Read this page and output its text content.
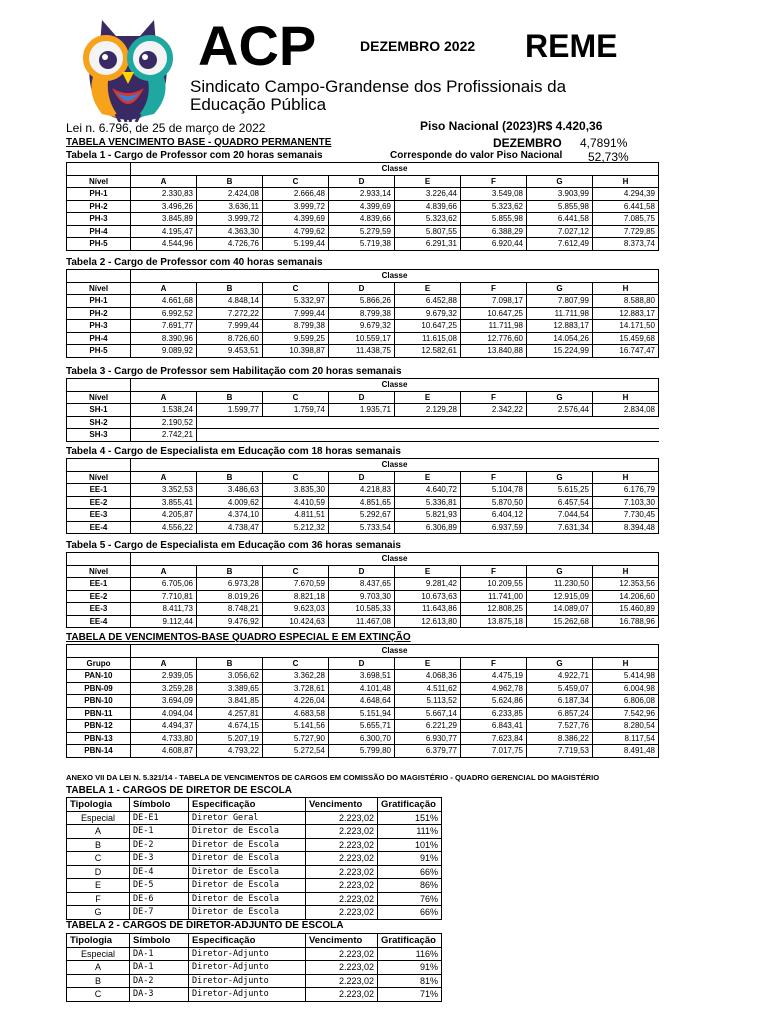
ACP	DEZEMBRO 2022 REME
Sindicato Campo-Grandense dos Profissionais da Educação Pública
Lei n. 6.796, de 25 de março de 2022	Piso Nacional (2023) R$ 4.420,36
DEZEMBRO 4,7891%
Corresponde do valor Piso Nacional 52,73%
TABELA VENCIMENTO BASE - QUADRO PERMANENTE
Tabela 1 - Cargo de Professor com 20 horas semanais
	Classe							
Nível	A	B	C	D	E	F	G	H
PH-1	2.330,83	2.424,08	2.666,48	2.933,14	3.226,44	3.549,08	3.903,99	4.294,39
PH-2	3.496,26	3.636,11	3.999,72	4.399,69	4.839,66	5.323,62	5.855,98	6.441,58
PH-3	3.845,89	3.999,72	4.399,69	4.839,66	5.323,62	5.855,98	6.441,58	7.085,75
PH-4	4.195,47	4.363,30	4.799,62	5.279,59	5.807,55	6.388,29	7.027,12	7.729,85
PH-5	4.544,96	4.726,76	5.199,44	5.719,38	6.291,31	6.920,44	7.612,49	8.373,74
Tabela 2 - Cargo de Professor com 40 horas semanais
	Classe							
Nível	A	B	C	D	E	F	G	H
PH-1	4.661,68	4.848,14	5.332,97	5.866,26	6.452,88	7.098,17	7.807,99	8.588,80
PH-2	6.992,52	7.272,22	7.999,44	8.799,38	9.679,32	10.647,25	11.711,98	12.883,17
PH-3	7.691,77	7.999,44	8.799,38	9.679,32	10.647,25	11.711,98	12.883,17	14.171,50
PH-4	8.390,96	8.726,60	9.599,25	10.559,17	11.615,08	12.776,60	14.054,26	15.459,68
PH-5	9.089,92	9.453,51	10.398,87	11.438,75	12.582,61	13.840,88	15.224,99	16.747,47
Tabela 3 - Cargo de Professor sem Habilitação com 20 horas semanais
	Classe							
Nível	A	B	C	D	E	F	G	H
SH-1	1.538,24	1.599,77	1.759,74	1.935,71	2.129,28	2.342,22	2.576,44	2.834,08
SH-2	2.190,52							
SH-3	2.742,21							
Tabela 4 - Cargo de Especialista em Educação com 18 horas semanais
	Classe							
Nível	A	B	C	D	E	F	G	H
EE-1	3.352,53	3.486,63	3.835,30	4.218,83	4.640,72	5.104,78	5.615,25	6.176,79
EE-2	3.855,41	4.009,62	4.410,59	4.851,65	5.336,81	5.870,50	6.457,54	7.103,30
EE-3	4.205,87	4.374,10	4.811,51	5.292,67	5.821,93	6.404,12	7.044,54	7.730,45
EE-4	4.556,22	4.738,47	5.212,32	5.733,54	6.306,89	6.937,59	7.631,34	8.394,48
Tabela 5 - Cargo de Especialista em Educação com 36 horas semanais
	Classe							
Nível	A	B	C	D	E	F	G	H
EE-1	6.705,06	6.973,28	7.670,59	8.437,65	9.281,42	10.209,55	11.230,50	12.353,56
EE-2	7.710,81	8.019,26	8.821,18	9.703,30	10.673,63	11.741,00	12.915,09	14.206,60
EE-3	8.411,73	8.748,21	9.623,03	10.585,33	11.643,86	12.808,25	14.089,07	15.460,89
EE-4	9.112,44	9.476,92	10.424,63	11.467,08	12.613,80	13.875,18	15.262,68	16.788,96
TABELA DE VENCIMENTOS-BASE QUADRO ESPECIAL E EM EXTINÇÃO
	Classe							
Grupo	A	B	C	D	E	F	G	H
PAN-10	2.939,05	3.056,62	3.362,28	3.698,51	4.068,36	4.475,19	4.922,71	5.414,98
PBN-09	3.259,28	3.389,65	3.728,61	4.101,48	4.511,62	4.962,78	5.459,07	6.004,98
PBN-10	3.694,09	3.841,85	4.226,04	4.648,64	5.113,52	5.624,86	6.187,34	6.806,08
PBN-11	4.094,04	4.257,81	4.683,58	5.151,94	5.667,14	6.233,85	6.857,24	7.542,96
PBN-12	4.494,37	4.674,15	5.141,56	5.655,71	6.221,29	6.843,41	7.527,76	8.280,54
PBN-13	4.733,80	5.207,19	5.727,90	6.300,70	6.930,77	7.623,84	8.386,22	8.117,54
PBN-14	4.608,87	4.793,22	5.272,54	5.799,80	6.379,77	7.017,75	7.719,53	8.491,48
ANEXO VII DA LEI N. 5.321/14 - TABELA DE VENCIMENTOS DE CARGOS EM COMISSÃO DO MAGISTÉRIO - QUADRO GERENCIAL DO MAGISTÉRIO
TABELA 1 - CARGOS DE DIRETOR DE ESCOLA
Tipologia	Símbolo	Especificação	Vencimento	Gratificação
Especial	DE-E1	Diretor Geral	2.223,02	151%
A	DE-1	Diretor de Escola	2.223,02	111%
B	DE-2	Diretor de Escola	2.223,02	101%
C	DE-3	Diretor de Escola	2.223,02	91%
D	DE-4	Diretor de Escola	2.223,02	66%
E	DE-5	Diretor de Escola	2.223,02	86%
F	DE-6	Diretor de Escola	2.223,02	76%
G	DE-7	Diretor de Escola	2.223,02	66%
TABELA 2 - CARGOS DE DIRETOR-ADJUNTO DE ESCOLA
Tipologia	Símbolo	Especificação	Vencimento	Gratificação
Especial	DA-1	Diretor-Adjunto	2.223,02	116%
A	DA-1	Diretor-Adjunto	2.223,02	91%
B	DA-2	Diretor-Adjunto	2.223,02	81%
C	DA-3	Diretor-Adjunto	2.223,02	71%
